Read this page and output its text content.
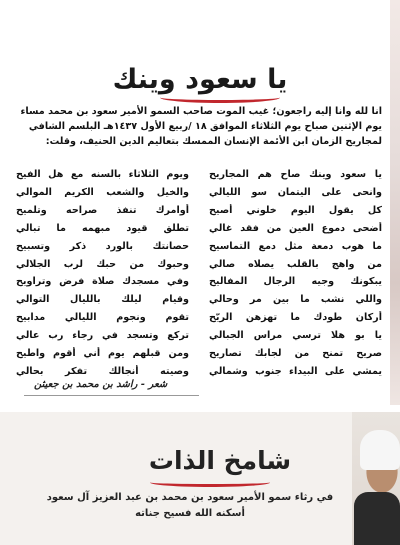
يا سعود وينك
انا لله وانا إليه راجعون؛ غيب الموت صاحب السمو الأمير سعود بن محمد مساء
يوم الإثنين صباح يوم الثلاثاء الموافق ١٨ /ربيع الأول ١٤٣٧هـ البلسم الشافي
لمجاريح الزمان ابن الأئمة الإنسان الممسك بتعاليم الدين الحنيف، وقلت:
يا سعود وينك صاح هم المجاريح
وانحى على اليتمان سو الليالي
كل يقول اليوم خلوني أصيح
أضحى دموع العين من فقد غالي
ما هوب دمعة مثل دمع التماسيح
من واهج بالقلب يصلاه صالي
يبكونك وجيه الرجال المفاليح
واللي نشب ما بين مر وحالي
أركان طودك ما تهزهن الريّح
يا بو هلا ترسي مراس الجبالي
صريح تمنح من لجابك تصاريح
يمشي على البيداء جنوب وشمالي
ويوم الثلاثاء بالسنه مع هل الفيح
والخيل والشعب الكريم الموالي
أوامرك تنفذ صراحه وتلميح
تطلق قيود مبهمه ما تبالي
حصانتك بالورد ذكر وتسبيح
وحبوك من حبك لرب الجلالي
وفي مسجدك صلاة فرض وتراويح
وقيام ليلك بالليال التوالي
تقوم ونجوم الليالي مدابيح
تركع وتسجد في رجاء رب عالي
ومن قبلهم يوم أني أقوم واطيح
وصيته أنجالك تفكر بحالي
شعر - راشد بن محمد بن جعيثن
شامخ الذات
في رثاء سمو الأمير سعود بن محمد بن عبد العزيز آل سعود
أسكنه الله فسيح جناته
